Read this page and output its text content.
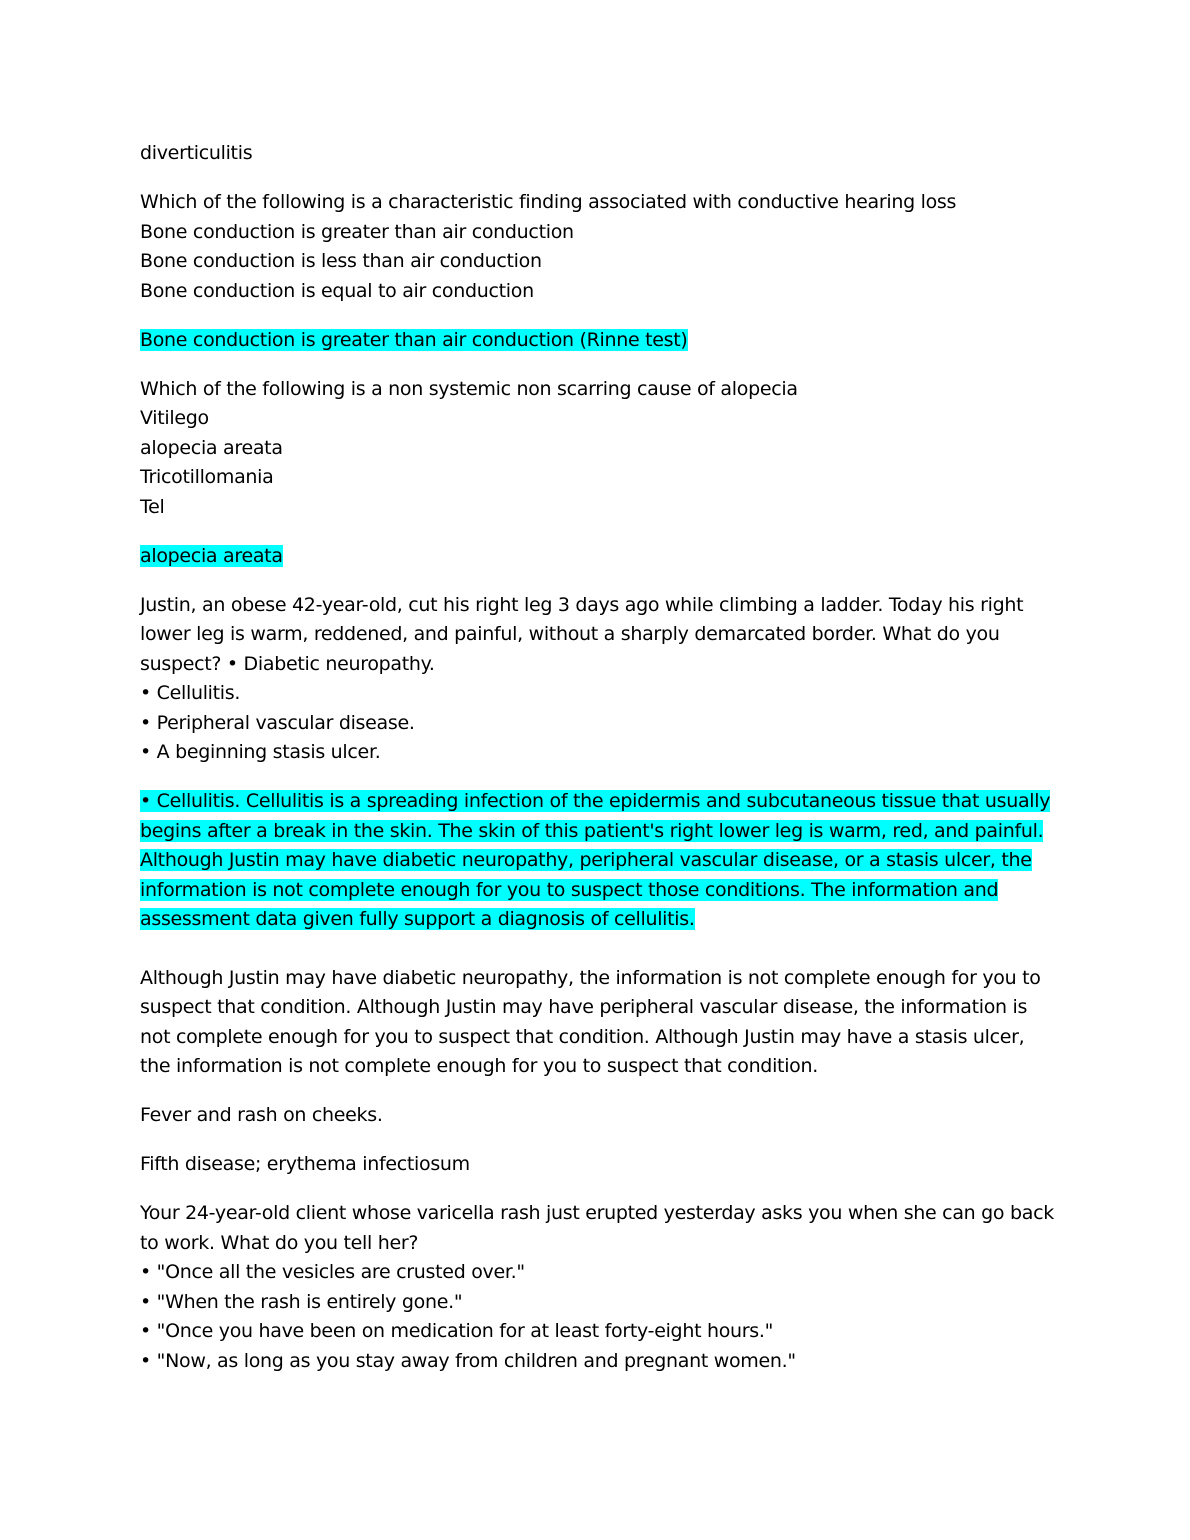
diverticulitis
Which of the following is a characteristic finding associated with conductive hearing loss
Bone conduction is greater than air conduction
Bone conduction is less than air conduction
Bone conduction is equal to air conduction
Bone conduction is greater than air conduction (Rinne test)
Which of the following is a non systemic non scarring cause of alopecia
Vitilego
alopecia areata
Tricotillomania
Tel
alopecia areata
Justin, an obese 42-year-old, cut his right leg 3 days ago while climbing a ladder. Today his right lower leg is warm, reddened, and painful, without a sharply demarcated border. What do you suspect? • Diabetic neuropathy.
• Cellulitis.
• Peripheral vascular disease.
• A beginning stasis ulcer.
• Cellulitis. Cellulitis is a spreading infection of the epidermis and subcutaneous tissue that usually begins after a break in the skin. The skin of this patient's right lower leg is warm, red, and painful. Although Justin may have diabetic neuropathy, peripheral vascular disease, or a stasis ulcer, the information is not complete enough for you to suspect those conditions. The information and assessment data given fully support a diagnosis of cellulitis.
Although Justin may have diabetic neuropathy, the information is not complete enough for you to suspect that condition. Although Justin may have peripheral vascular disease, the information is not complete enough for you to suspect that condition. Although Justin may have a stasis ulcer, the information is not complete enough for you to suspect that condition.
Fever and rash on cheeks.
Fifth disease; erythema infectiosum
Your 24-year-old client whose varicella rash just erupted yesterday asks you when she can go back to work. What do you tell her?
• "Once all the vesicles are crusted over."
• "When the rash is entirely gone."
• "Once you have been on medication for at least forty-eight hours."
• "Now, as long as you stay away from children and pregnant women."
